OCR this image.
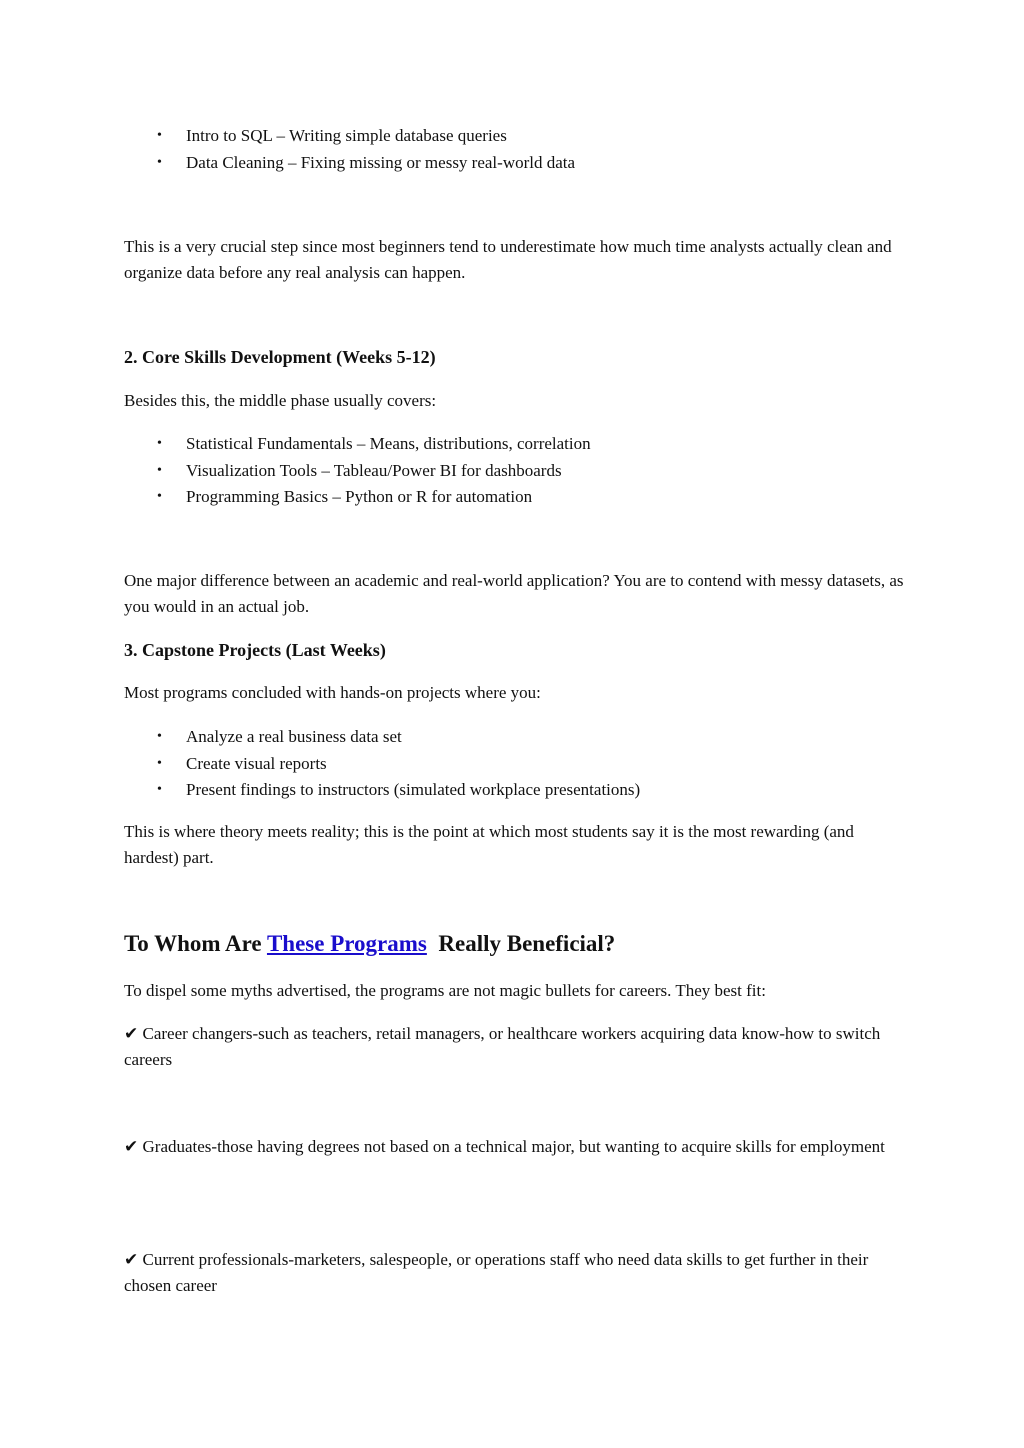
• Intro to SQL – Writing simple database queries
• Data Cleaning – Fixing missing or messy real-world data

This is a very crucial step since most beginners tend to underestimate how much time analysts actually clean and organize data before any real analysis can happen.

2. Core Skills Development (Weeks 5-12)

Besides this, the middle phase usually covers:

• Statistical Fundamentals – Means, distributions, correlation
• Visualization Tools – Tableau/Power BI for dashboards
• Programming Basics – Python or R for automation

One major difference between an academic and real-world application? You are to contend with messy datasets, as you would in an actual job.

3. Capstone Projects (Last Weeks)

Most programs concluded with hands-on projects where you:

• Analyze a real business data set
• Create visual reports
• Present findings to instructors (simulated workplace presentations)

This is where theory meets reality; this is the point at which most students say it is the most rewarding (and hardest) part.

To Whom Are These Programs  Really Beneficial?

To dispel some myths advertised, the programs are not magic bullets for careers. They best fit:

✔ Career changers-such as teachers, retail managers, or healthcare workers acquiring data know-how to switch careers

✔ Graduates-those having degrees not based on a technical major, but wanting to acquire skills for employment

✔ Current professionals-marketers, salespeople, or operations staff who need data skills to get further in their chosen career
